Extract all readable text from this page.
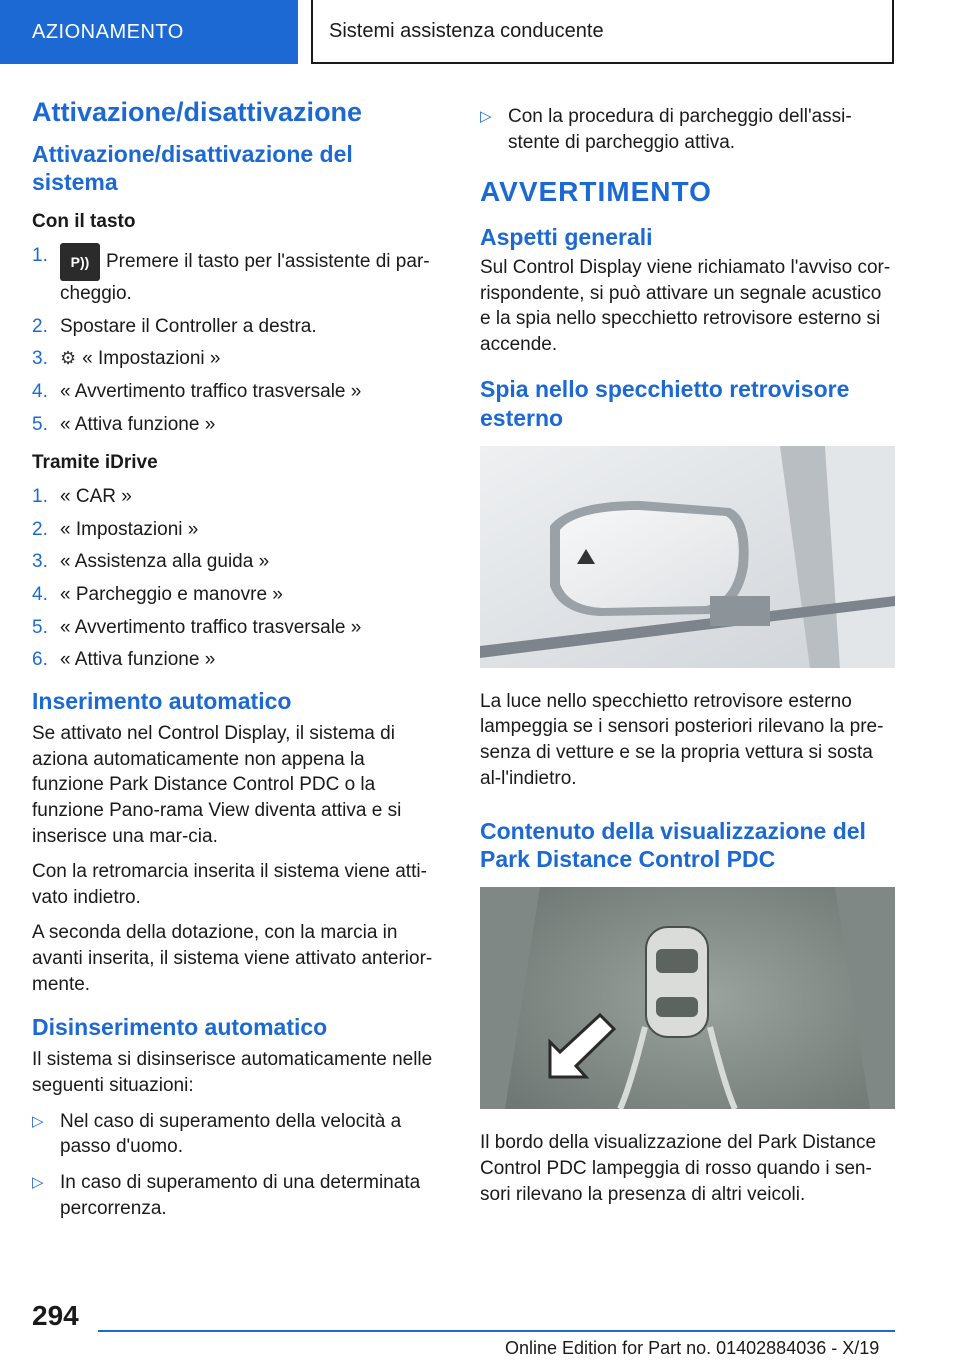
AZIONAMENTO	Sistemi assistenza conducente
Attivazione/disattivazione
Attivazione/disattivazione del sistema
Con il tasto
1.	P)) Premere il tasto per l'assistente di par-cheggio.
2. Spostare il Controller a destra.
3. ⚙ « Impostazioni »
4. « Avvertimento traffico trasversale »
5. « Attiva funzione »
Tramite iDrive
1. « CAR »
2. « Impostazioni »
3. « Assistenza alla guida »
4. « Parcheggio e manovre »
5. « Avvertimento traffico trasversale »
6. « Attiva funzione »
Inserimento automatico

Se attivato nel Control Display, il sistema di aziona automaticamente non appena la funzione Park Distance Control PDC o la funzione Pano-rama View diventa attiva e si inserisce una mar-cia.

Con la retromarcia inserita il sistema viene atti-vato indietro.

A seconda della dotazione, con la marcia in avanti inserita, il sistema viene attivato anterior-mente.

Disinserimento automatico

Il sistema si disinserisce automaticamente nelle seguenti situazioni:

▷ Nel caso di superamento della velocità a passo d'uomo.
▷ In caso di superamento di una determinata percorrenza.
▷ Con la procedura di parcheggio dell'assi-stente di parcheggio attiva.
AVVERTIMENTO
Aspetti generali

Sul Control Display viene richiamato l'avviso cor-rispondente, si può attivare un segnale acustico e la spia nello specchietto retrovisore esterno si accende.

Spia nello specchietto retrovisore esterno

La luce nello specchietto retrovisore esterno lampeggia se i sensori posteriori rilevano la pre-senza di vetture e se la propria vettura si sosta al-l'indietro.

Contenuto della visualizzazione del Park Distance Control PDC

Il bordo della visualizzazione del Park Distance Control PDC lampeggia di rosso quando i sen-sori rilevano la presenza di altri veicoli.

294
Online Edition for Part no. 01402884036 - X/19
